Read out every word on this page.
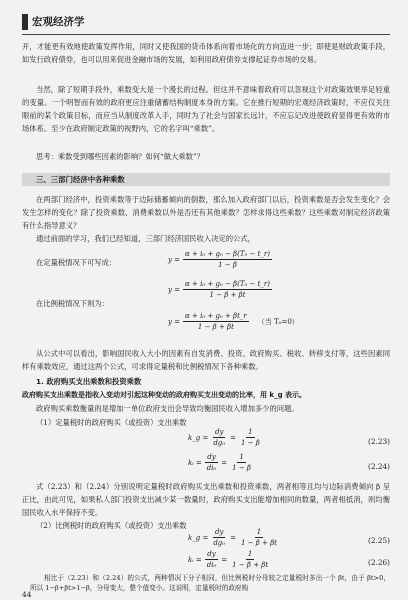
宏观经济学

开，才能更有效地使政策发挥作用，同时又使我国的货币体系向着市场化的方向迈进一步；即使是财政政策手段，如发行政府债券，也可以用来促进金融市场的发展，如利用政府债券支撑起证券市场的交易。

当然，除了短期手段外，乘数变大是一个漫长的过程。但这并不意味着政府可以忽视这个对政策效果举足轻重的变量。一个明智而有效的政府更应注重储蓄结构制度本身的方案。它在推行短期的宏观经济政策时，不应仅关注眼前的某个政策目标，而应当从制度改革入手，同时为了社会与国家长远计，不应忘记改进使政府显得更有效的市场体系。至少在政府制定政策的视野内，它的名字叫“乘数”。

思考：乘数受到哪些因素的影响？如何“做大乘数”？

三、三部门经济中各种乘数

在两部门经济中，投资乘数等于边际储蓄倾向的倒数，那么加入政府部门以后，投资乘数是否会发生变化？会发生怎样的变化？除了投资乘数、消费乘数以外是否还有其他乘数？怎样求得这些乘数？这些乘数对制定经济政策有什么指导意义？

通过前面的学习，我们已经知道，三部门经济国民收入决定的公式，

在定量税情况下可写成：	$y = \frac{\text{α + i₀ + g₀ − β(T₀ − t\_r)}}{1 - \beta}$
在比例税情况下则为：
$y = \frac{\text{α + i₀ + g₀ − β(T₀ − t\_r)}}{1 - \beta + \beta t}$
$y = \frac{\text{α + i₀ + g₀ + βt\_r}}{1 - \beta + \beta t}$ （当 T₀=0）

从公式中可以看出，影响国民收入大小的因素有自发消费、投资、政府购买、税收、转移支付等，这些因素同样有乘数效应，通过这两个公式，可求得定量税和比例税情况下各种乘数。

1. 政府购买支出乘数和投资乘数

政府购买支出乘数是指收入变动对引起这种变动的政府购买支出变动的比率，用 k_g 表示。

政府购买乘数衡量的是增加一单位政府支出会导致均衡国民收入增加多少的问题。

（1）定量税时的政府购买（或投资）支出乘数

k_g = $\frac{dy}{\text{dg₀}} = \frac{1}{1 - \beta}$	(2.23)
kᵢ = $\frac{dy}{\text{di₀}} = \frac{1}{1 - \beta}$	(2.24)

式（2.23）和（2.24）分别说明定量税时政府购买支出乘数和投资乘数，两者相等且均与边际消费倾向 β 呈正比，由此可见，如果私人部门投资支出减少某一数量时，政府购买支出能增加相同的数量，两者相抵消，则均衡国民收入水平保持不变。

（2）比例税时的政府购买（或投资）支出乘数

k_g = $\frac{dy}{\text{dg₀}} = \frac{1}{1 - \beta + \beta t}$	(2.25)
kᵢ = $\frac{dy}{\text{di₀}} = \frac{1}{1 - \beta + \beta t}$	(2.26)

相比于（2.23）和（2.24）的公式，两种情况下分子相同，但比例税时分母较之定量税时多出一个 βt，由于 βt>0，所以 1−β+βt>1−β，分母变大，整个值变小。这说明，定量税时的政府购

44
